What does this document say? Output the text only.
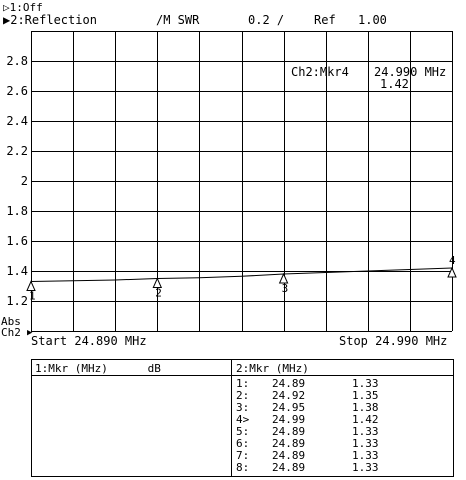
▷1:Off
▶2:Reflection	/M SWR	0.2 / Ref 1.00
2.8
2.6
2.4
2.2
2
1.8
1.6
1.4
1.2 1	2	3
4
Ch2:Mkr4 24.990 MHz
1.42
Abs
Ch2 ▶
Start 24.890 MHz	Stop 24.990 MHz
1:Mkr (MHz)      dB	2:Mkr (MHz)
1: 24.89	1.33
2: 24.92	1.35
3: 24.95	1.38
4> 24.99	1.42
5: 24.89	1.33
6: 24.89	1.33
7: 24.89	1.33
8: 24.89	1.33
